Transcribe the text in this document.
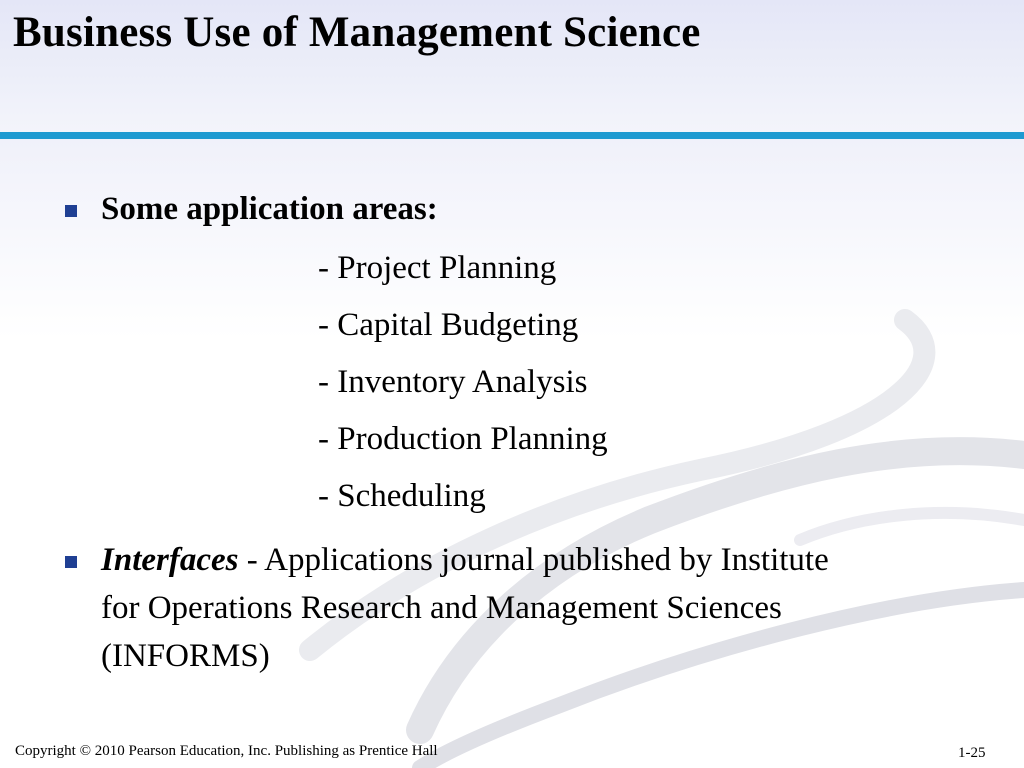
Business Use of Management Science
Some application areas:
- Project Planning
- Capital Budgeting
- Inventory Analysis
- Production Planning
- Scheduling
Interfaces - Applications journal published by Institute
for Operations Research and Management Sciences
(INFORMS)
Copyright © 2010 Pearson Education, Inc. Publishing as Prentice Hall	1-25
